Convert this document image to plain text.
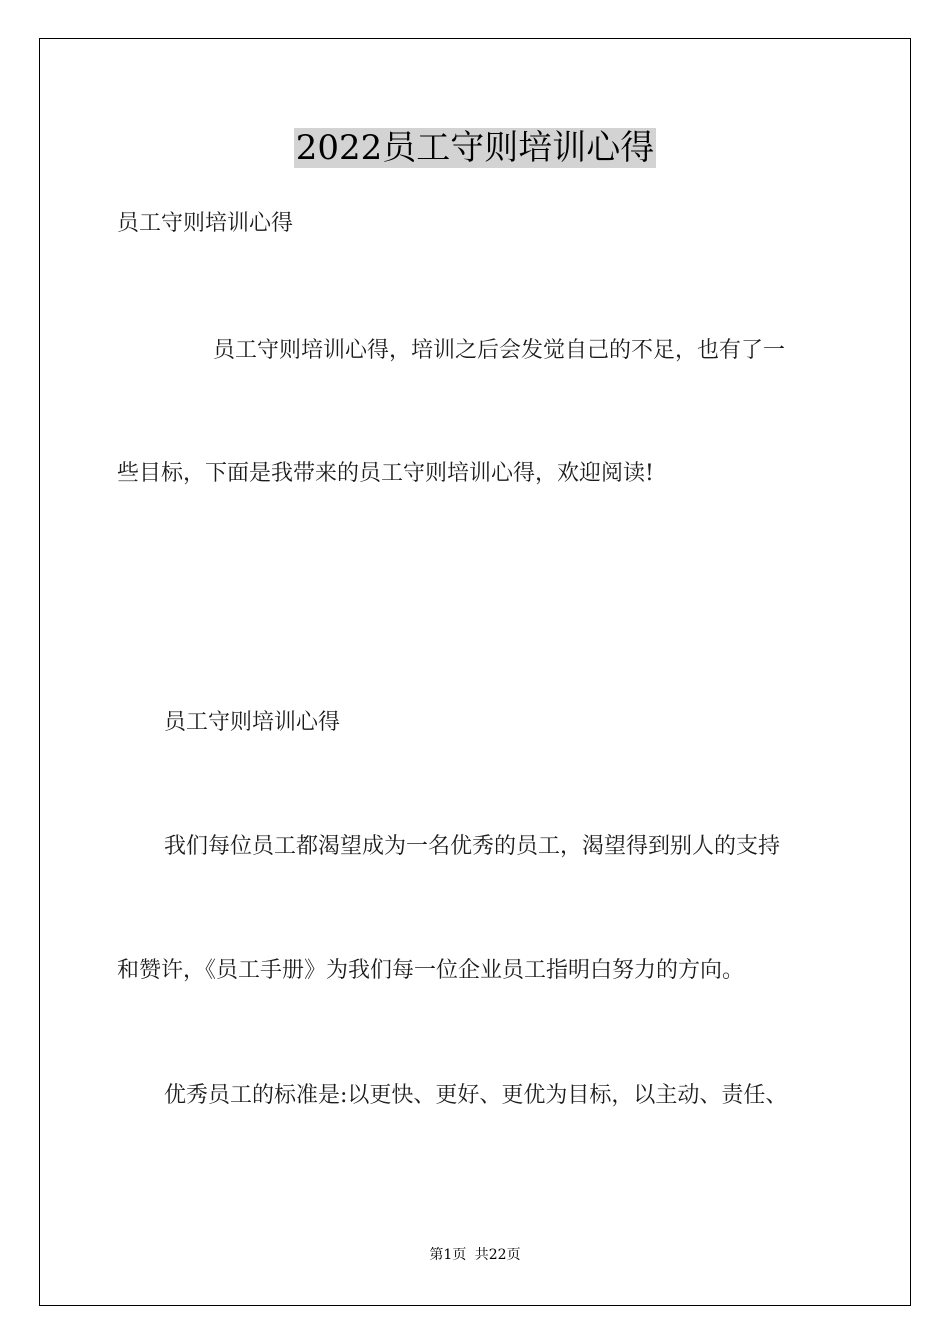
2022员工守则培训心得
员工守则培训心得
员工守则培训心得，培训之后会发觉自己的不足，也有了一
些目标，下面是我带来的员工守则培训心得，欢迎阅读!
员工守则培训心得
我们每位员工都渴望成为一名优秀的员工，渴望得到别人的支持
和赞许，《员工手册》为我们每一位企业员工指明白努力的方向。
优秀员工的标准是:以更快、更好、更优为目标，以主动、责任、
第1页 共22页
